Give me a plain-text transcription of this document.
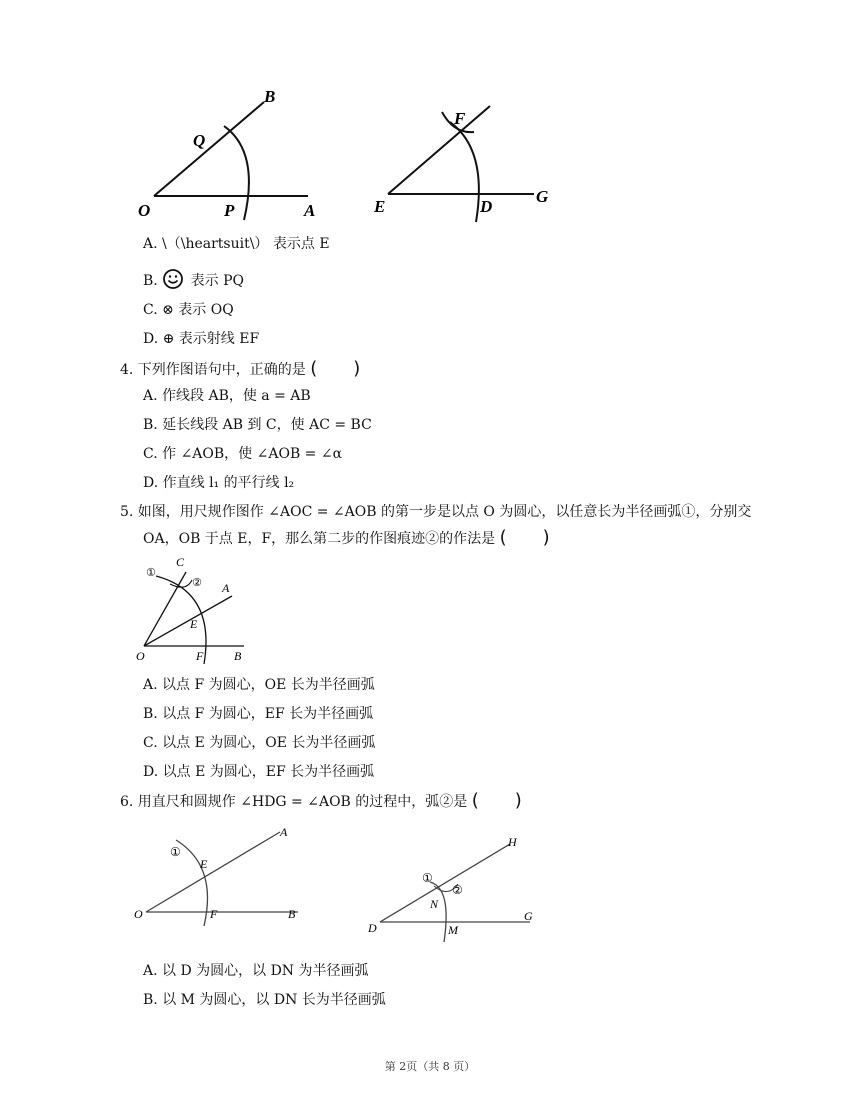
B
Q
O	P	A
F
E	D
G
A. \（\heartsuit\） 表示点 E
B. 表示 PQ
C. ⊗ 表示 OQ
D. ⊕ 表示射线 EF
4. 下列作图语句中，正确的是 (　　)
A. 作线段 AB，使 a = AB
B. 延长线段 AB 到 C，使 AC = BC
C. 作 ∠AOB，使 ∠AOB = ∠α
D. 作直线 l₁ 的平行线 l₂
5. 如图，用尺规作图作 ∠AOC = ∠AOB 的第一步是以点 O 为圆心，以任意长为半径画弧①，分别交
OA，OB 于点 E，F，那么第二步的作图痕迹②的作法是 (　　)
C
①
② A
E
O	F	B
A. 以点 F 为圆心，OE 长为半径画弧
B. 以点 F 为圆心，EF 长为半径画弧
C. 以点 E 为圆心，OE 长为半径画弧
D. 以点 E 为圆心，EF 长为半径画弧
6. 用直尺和圆规作 ∠HDG = ∠AOB 的过程中，弧②是 (　　)
A
①
E
O	F	B
H
①
②
N
D	M
G
A. 以 D 为圆心，以 DN 为半径画弧
B. 以 M 为圆心，以 DN 长为半径画弧
第 2页（共 8 页）
